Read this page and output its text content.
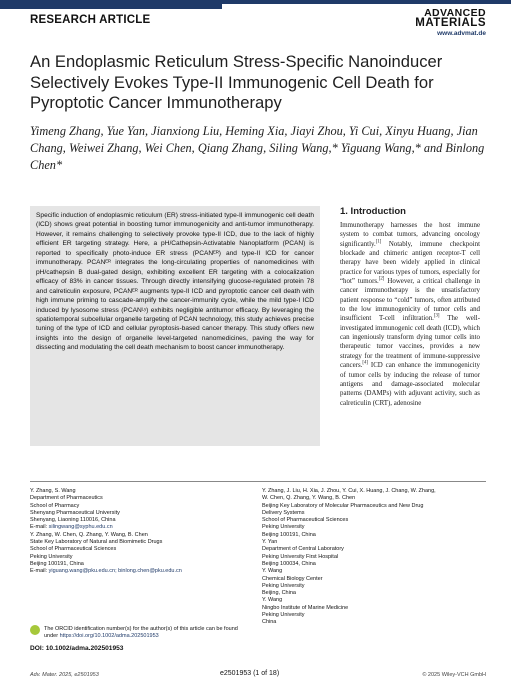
RESEARCH ARTICLE
ADVANCED
MATERIALS
www.advmat.de
An Endoplasmic Reticulum Stress-Specific Nanoinducer Selectively Evokes Type-II Immunogenic Cell Death for Pyroptotic Cancer Immunotherapy

Yimeng Zhang, Yue Yan, Jianxiong Liu, Heming Xia, Jiayi Zhou, Yi Cui, Xinyu Huang, Jian Chang, Weiwei Zhang, Wei Chen, Qiang Zhang, Siling Wang,* Yiguang Wang,* and Binlong Chen*

Specific induction of endoplasmic reticulum (ER) stress-initiated type-II immunogenic cell death (ICD) shows great potential in boosting tumor immunogenicity and anti-tumor immunotherapy. However, it remains challenging to selectively provoke type-II ICD, due to the lack of highly efficient ER targeting strategy. Here, a pH/Cathepsin-Activatable Nanoplatform (PCAN) is reported to specifically photo-induce ER stress (PCANᴱᴿ) and type-II ICD for cancer immunotherapy. PCANᴱᴿ integrates the long-circulating properties of nanomedicines with pH/cathepsin B dual-gated design, exhibiting excellent ER targeting with a colocalization efficacy of 83% in cancer tissues. Through directly intensifying glucose-regulated protein 78 and calreticulin exposure, PCANᴱᴿ augments type-II ICD and pyroptotic cancer cell death with high immune priming to cascade-amplify the cancer-immunity cycle, while the mild type-I ICD induced by lysosome stress (PCANᴸʸ) exhibits negligible antitumor efficacy. By leveraging the spatiotemporal subcellular organelle targeting of PCAN technology, this study achieves precise tuning of the type of ICD and cellular pyroptosis-based cancer therapy. This study offers new insights into the design of organelle level-targeted nanomedicines, paving the way for dissecting and modulating the cell death mechanism to boost cancer immunotherapy.

1. Introduction

Immunotherapy harnesses the host immune system to combat tumors, advancing oncology significantly.[1] Notably, immune checkpoint blockade and chimeric antigen receptor-T cell therapy have been widely applied in clinical practice for various types of tumors, especially for “hot” tumors.[2] However, a critical challenge in cancer immunotherapy is the unsatisfactory patient response to “cold” tumors, often attributed to the low immunogenicity of tumor cells and insufficient T-cell infiltration.[3] The well-investigated immunogenic cell death (ICD), which can ingeniously transform dying tumor cells into therapeutic tumor vaccines, provides a new strategy for the treatment of immune-suppressive cancers.[4] ICD can enhance the immunogenicity of tumor cells by inducing the release of tumor antigens and damage-associated molecular patterns (DAMPs) with adjuvant activity, such as calreticulin (CRT), adenosine

Y. Zhang, S. Wang
Department of Pharmaceutics
School of Pharmacy
Shenyang Pharmaceutical University
Shenyang, Liaoning 110016, China
E-mail: silingwang@syphu.edu.cn
Y. Zhang, W. Chen, Q. Zhang, Y. Wang, B. Chen
State Key Laboratory of Natural and Biomimetic Drugs
School of Pharmaceutical Sciences
Peking University
Beijing 100191, China
E-mail: yiguang.wang@pku.edu.cn; binlong.chen@pku.edu.cn
Y. Zhang, J. Liu, H. Xia, J. Zhou, Y. Cui, X. Huang, J. Chang, W. Zhang,
W. Chen, Q. Zhang, Y. Wang, B. Chen
Beijing Key Laboratory of Molecular Pharmaceutics and New Drug
Delivery Systems
School of Pharmaceutical Sciences
Peking University
Beijing 100191, China
Y. Yan
Department of Central Laboratory
Peking University First Hospital
Beijing 100034, China
Y. Wang
Chemical Biology Center
Peking University
Beijing, China
Y. Wang
Ningbo Institute of Marine Medicine
Peking University
China
The ORCID identification number(s) for the author(s) of this article can be found under https://doi.org/10.1002/adma.202501953
DOI: 10.1002/adma.202501953
Adv. Mater. 2025, e2501953	e2501953 (1 of 18)	© 2025 Wiley-VCH GmbH
